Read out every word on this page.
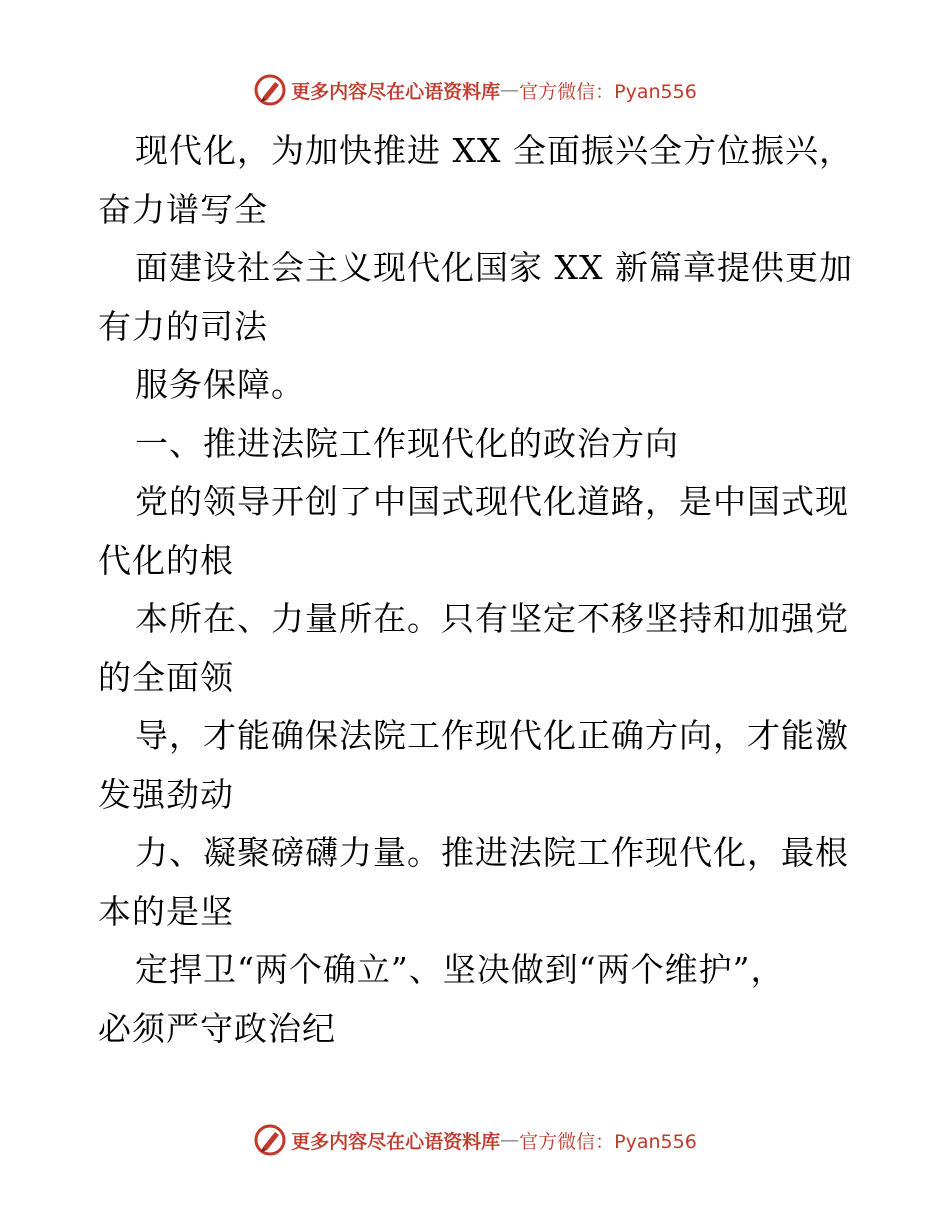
更多内容尽在心语资料库 — 官方微信：Pyan556
现代化，为加快推进 XX 全面振兴全方位振兴，
奋力谱写全
面建设社会主义现代化国家 XX 新篇章提供更加
有力的司法
服务保障。
一、推进法院工作现代化的政治方向
党的领导开创了中国式现代化道路，是中国式现
代化的根
本所在、力量所在。只有坚定不移坚持和加强党
的全面领
导，才能确保法院工作现代化正确方向，才能激
发强劲动
力、凝聚磅礴力量。推进法院工作现代化，最根
本的是坚
定捍卫“两个确立”、坚决做到“两个维护”，
必须严守政治纪
更多内容尽在心语资料库 — 官方微信：Pyan556
